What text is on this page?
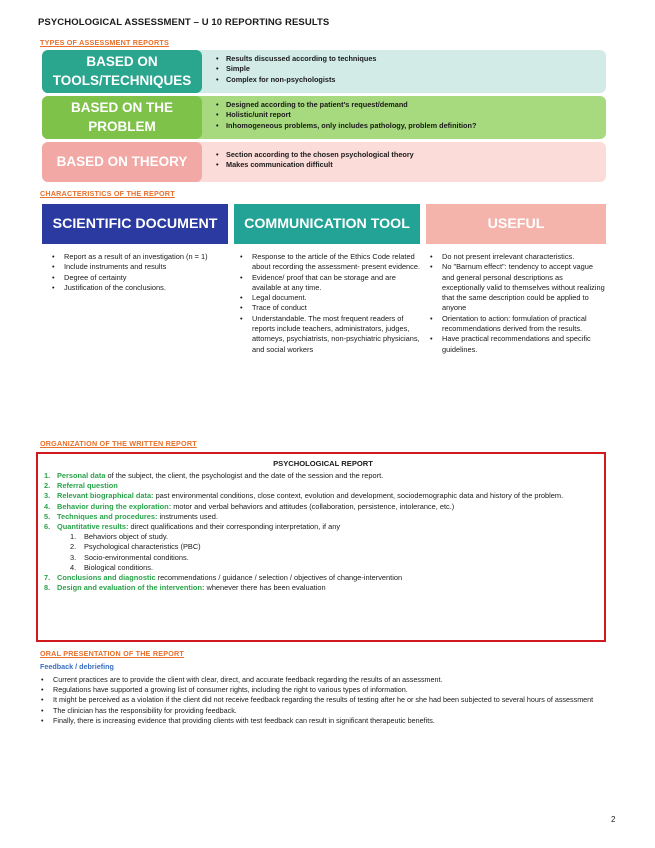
PSYCHOLOGICAL ASSESSMENT – U 10 REPORTING RESULTS
TYPES OF ASSESSMENT REPORTS
• Results discussed according to techniques
• Simple
• Complex for non-psychologists
BASED ON
TOOLS/TECHNIQUES
• Designed according to the patient's request/demand
• Holistic/unit report
• Inhomogeneous problems, only includes pathology, problem definition?
BASED ON THE
PROBLEM
• Section according to the chosen psychological theory
• Makes communication difficult
BASED ON THEORY
CHARACTERISTICS OF THE REPORT
SCIENTIFIC DOCUMENT	COMMUNICATION TOOL	USEFUL
• Report as a result of an investigation (n = 1)
• Include instruments and results
• Degree of certainty
• Justification of the conclusions.
• Response to the article of the Ethics Code related about recording the assessment- present evidence.
• Evidence/ proof that can be storage and are available at any time.
• Legal document.
• Trace of conduct
• Understandable. The most frequent readers of reports include teachers, administrators, judges, attorneys, psychiatrists, non-psychiatric physicians, and social workers
• Do not present irrelevant characteristics.
• No "Barnum effect": tendency to accept vague and general personal descriptions as exceptionally valid to themselves without realizing that the same description could be applied to anyone
• Orientation to action: formulation of practical recommendations derived from the results.
• Have practical recommendations and specific guidelines.
ORGANIZATION OF THE WRITTEN REPORT
PSYCHOLOGICAL REPORT
1. Personal data of the subject, the client, the psychologist and the date of the session and the report.
2. Referral question
3. Relevant biographical data: past environmental conditions, close context, evolution and development, sociodemographic data and history of the problem.
4. Behavior during the exploration: motor and verbal behaviors and attitudes (collaboration, persistence, intolerance, etc.)
5. Techniques and procedures: instruments used.
6. Quantitative results: direct qualifications and their corresponding interpretation, if any
1. Behaviors object of study.
2. Psychological characteristics (PBC)
3. Socio-environmental conditions.
4. Biological conditions.
7. Conclusions and diagnostic recommendations / guidance / selection / objectives of change-intervention
8. Design and evaluation of the intervention: whenever there has been evaluation
ORAL PRESENTATION OF THE REPORT
Feedback / debriefing
• Current practices are to provide the client with clear, direct, and accurate feedback regarding the results of an assessment.
• Regulations have supported a growing list of consumer rights, including the right to various types of information.
• It might be perceived as a violation if the client did not receive feedback regarding the results of testing after he or she had been subjected to several hours of assessment
• The clinician has the responsibility for providing feedback.
• Finally, there is increasing evidence that providing clients with test feedback can result in significant therapeutic benefits.
2
